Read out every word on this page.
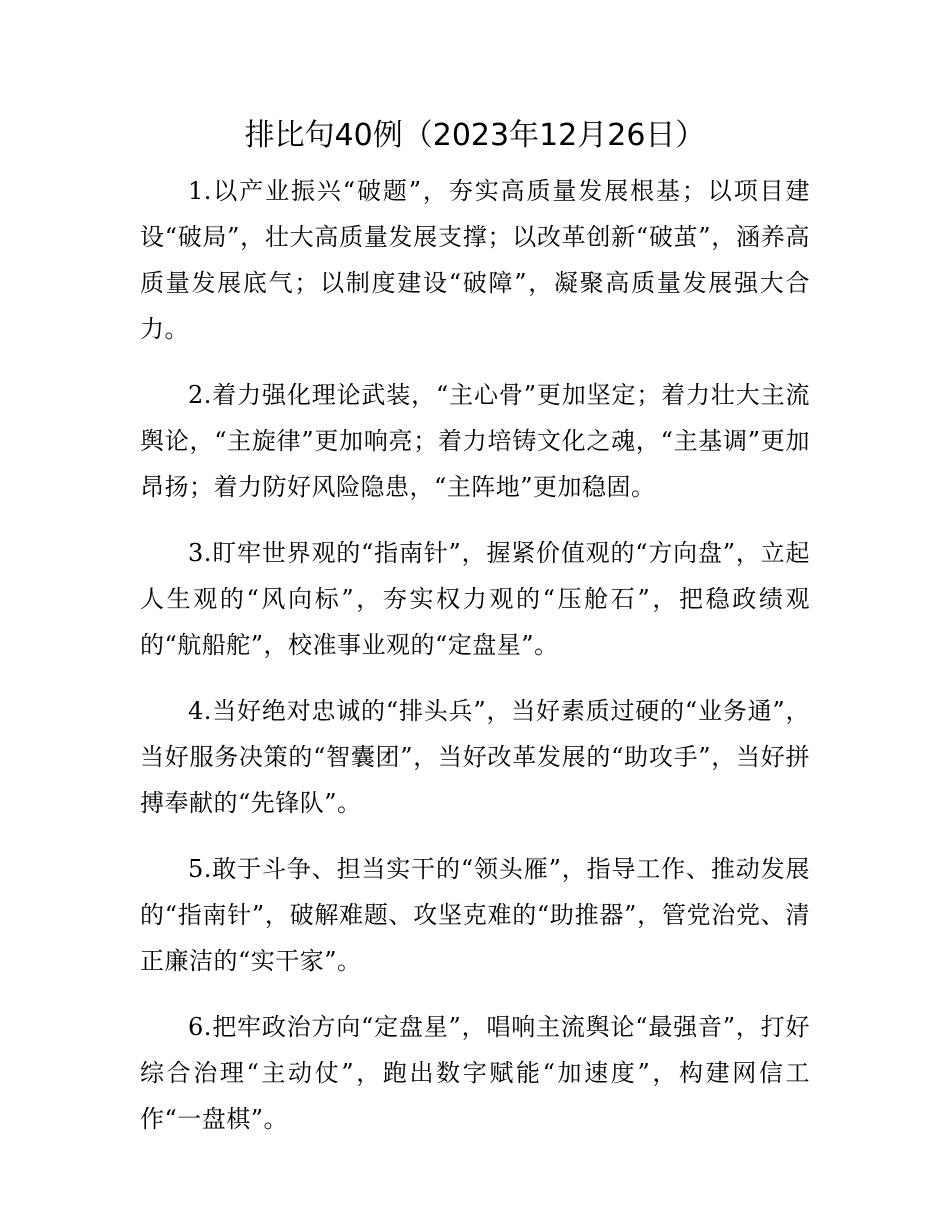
排比句40例（2023年12月26日）

1.以产业振兴“破题”，夯实高质量发展根基；以项目建设“破局”，壮大高质量发展支撑；以改革创新“破茧”，涵养高质量发展底气；以制度建设“破障”，凝聚高质量发展强大合力。

2.着力强化理论武装，“主心骨”更加坚定；着力壮大主流舆论，“主旋律”更加响亮；着力培铸文化之魂，“主基调”更加昂扬；着力防好风险隐患，“主阵地”更加稳固。

3.盯牢世界观的“指南针”，握紧价值观的“方向盘”，立起人生观的“风向标”，夯实权力观的“压舱石”，把稳政绩观的“航船舵”，校准事业观的“定盘星”。

4.当好绝对忠诚的“排头兵”，当好素质过硬的“业务通”，当好服务决策的“智囊团”，当好改革发展的“助攻手”，当好拼搏奉献的“先锋队”。

5.敢于斗争、担当实干的“领头雁”，指导工作、推动发展的“指南针”，破解难题、攻坚克难的“助推器”，管党治党、清正廉洁的“实干家”。

6.把牢政治方向“定盘星”，唱响主流舆论“最强音”，打好综合治理“主动仗”，跑出数字赋能“加速度”，构建网信工作“一盘棋”。
